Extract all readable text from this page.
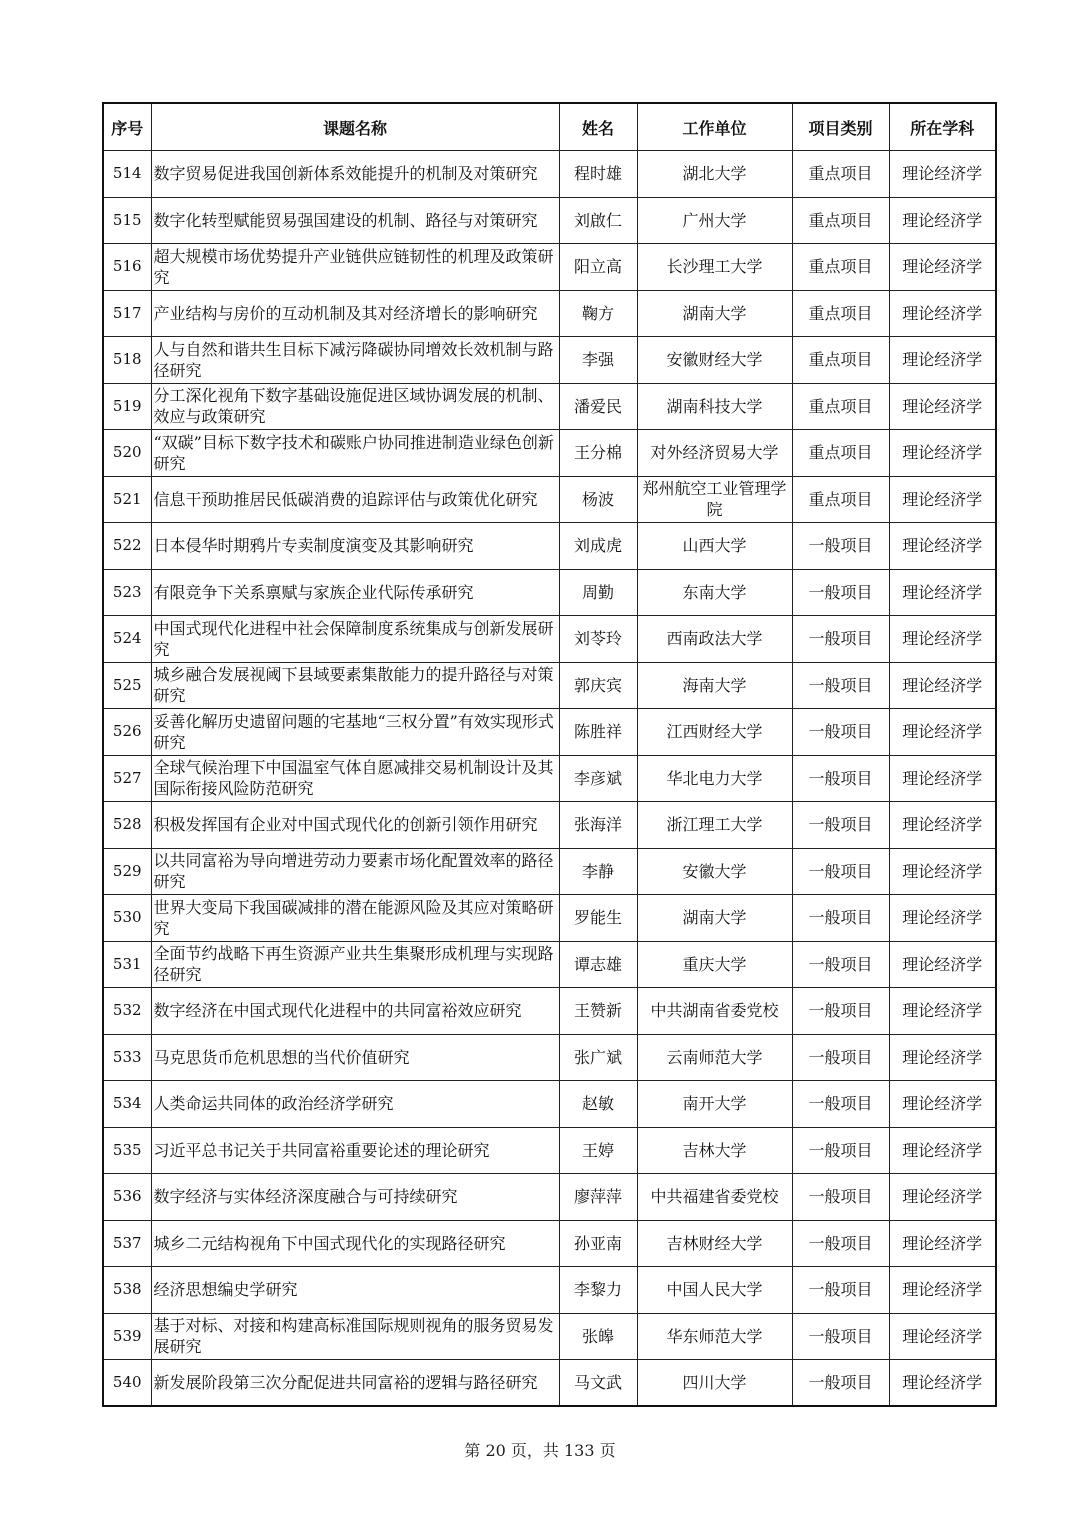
序号	课题名称	姓名	工作单位	项目类别	所在学科
514	数字贸易促进我国创新体系效能提升的机制及对策研究	程时雄	湖北大学	重点项目	理论经济学
515	数字化转型赋能贸易强国建设的机制、路径与对策研究	刘啟仁	广州大学	重点项目	理论经济学
516	超大规模市场优势提升产业链供应链韧性的机理及政策研究	阳立高	长沙理工大学	重点项目	理论经济学
517	产业结构与房价的互动机制及其对经济增长的影响研究	鞠方	湖南大学	重点项目	理论经济学
518	人与自然和谐共生目标下减污降碳协同增效长效机制与路径研究	李强	安徽财经大学	重点项目	理论经济学
519	分工深化视角下数字基础设施促进区域协调发展的机制、效应与政策研究	潘爱民	湖南科技大学	重点项目	理论经济学
520	“双碳”目标下数字技术和碳账户协同推进制造业绿色创新研究	王分棉	对外经济贸易大学	重点项目	理论经济学
521	信息干预助推居民低碳消费的追踪评估与政策优化研究	杨波	郑州航空工业管理学院	重点项目	理论经济学
522	日本侵华时期鸦片专卖制度演变及其影响研究	刘成虎	山西大学	一般项目	理论经济学
523	有限竞争下关系禀赋与家族企业代际传承研究	周勤	东南大学	一般项目	理论经济学
524	中国式现代化进程中社会保障制度系统集成与创新发展研究	刘苓玲	西南政法大学	一般项目	理论经济学
525	城乡融合发展视阈下县域要素集散能力的提升路径与对策研究	郭庆宾	海南大学	一般项目	理论经济学
526	妥善化解历史遗留问题的宅基地“三权分置”有效实现形式研究	陈胜祥	江西财经大学	一般项目	理论经济学
527	全球气候治理下中国温室气体自愿减排交易机制设计及其国际衔接风险防范研究	李彦斌	华北电力大学	一般项目	理论经济学
528	积极发挥国有企业对中国式现代化的创新引领作用研究	张海洋	浙江理工大学	一般项目	理论经济学
529	以共同富裕为导向增进劳动力要素市场化配置效率的路径研究	李静	安徽大学	一般项目	理论经济学
530	世界大变局下我国碳减排的潜在能源风险及其应对策略研究	罗能生	湖南大学	一般项目	理论经济学
531	全面节约战略下再生资源产业共生集聚形成机理与实现路径研究	谭志雄	重庆大学	一般项目	理论经济学
532	数字经济在中国式现代化进程中的共同富裕效应研究	王赞新	中共湖南省委党校	一般项目	理论经济学
533	马克思货币危机思想的当代价值研究	张广斌	云南师范大学	一般项目	理论经济学
534	人类命运共同体的政治经济学研究	赵敏	南开大学	一般项目	理论经济学
535	习近平总书记关于共同富裕重要论述的理论研究	王婷	吉林大学	一般项目	理论经济学
536	数字经济与实体经济深度融合与可持续研究	廖萍萍	中共福建省委党校	一般项目	理论经济学
537	城乡二元结构视角下中国式现代化的实现路径研究	孙亚南	吉林财经大学	一般项目	理论经济学
538	经济思想编史学研究	李黎力	中国人民大学	一般项目	理论经济学
539	基于对标、对接和构建高标准国际规则视角的服务贸易发展研究	张皞	华东师范大学	一般项目	理论经济学
540	新发展阶段第三次分配促进共同富裕的逻辑与路径研究	马文武	四川大学	一般项目	理论经济学
第 20 页，共 133 页
